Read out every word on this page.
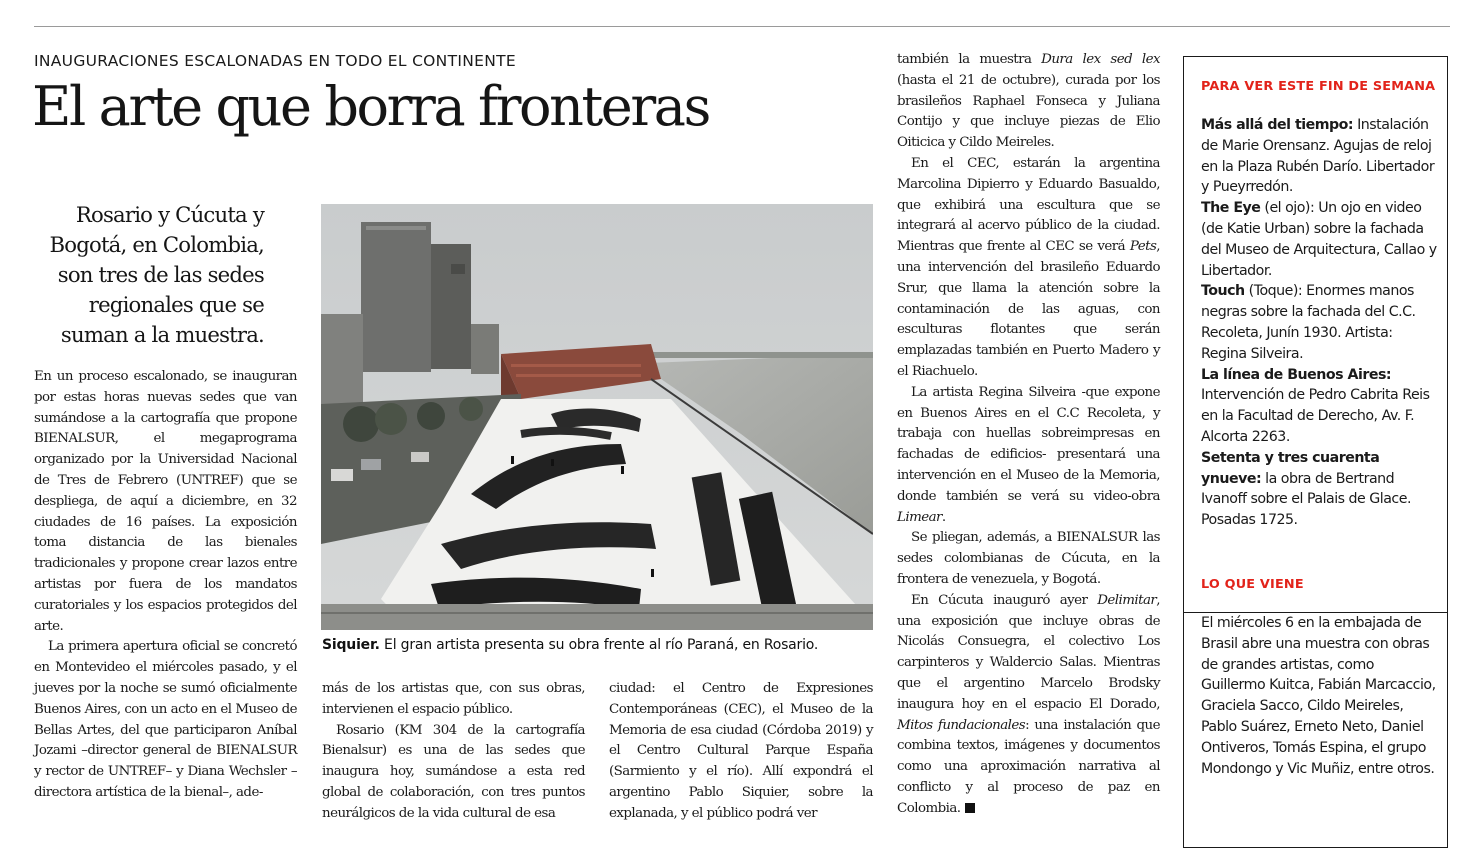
INAUGURACIONES ESCALONADAS EN TODO EL CONTINENTE
El arte que borra fronteras
Rosario y Cúcuta y Bogotá, en Colombia, son tres de las sedes regionales que se suman a la muestra.

En un proceso escalonado, se inauguran por estas horas nuevas sedes que van sumándose a la cartografía que propone BIENALSUR, el megaprograma organizado por la Universidad Nacional de Tres de Febrero (UNTREF) que se despliega, de aquí a diciembre, en 32 ciudades de 16 países. La exposición toma distancia de las bienales tradicionales y propone crear lazos entre artistas por fuera de los mandatos curatoriales y los espacios protegidos del arte.

La primera apertura oficial se concretó en Montevideo el miércoles pasado, y el jueves por la noche se sumó oficialmente Buenos Aires, con un acto en el Museo de Bellas Artes, del que participaron Aníbal Jozami –director general de BIENALSUR y rector de UNTREF– y Diana Wechsler –directora artística de la bienal–, ade-

Siquier. El gran artista presenta su obra frente al río Paraná, en Rosario.

más de los artistas que, con sus obras, intervienen el espacio público.

Rosario (KM 304 de la cartografía Bienalsur) es una de las sedes que inaugura hoy, sumándose a esta red global de colaboración, con tres puntos neurálgicos de la vida cultural de esa

ciudad: el Centro de Expresiones Contemporáneas (CEC), el Museo de la Memoria de esa ciudad (Córdoba 2019) y el Centro Cultural Parque España (Sarmiento y el río). Allí expondrá el argentino Pablo Siquier, sobre la explanada, y el público podrá ver

también la muestra Dura lex sed lex (hasta el 21 de octubre), curada por los brasileños Raphael Fonseca y Juliana Contijo y que incluye piezas de Elio Oiticica y Cildo Meireles.

En el CEC, estarán la argentina Marcolina Dipierro y Eduardo Basualdo, que exhibirá una escultura que se integrará al acervo público de la ciudad. Mientras que frente al CEC se verá Pets, una intervención del brasileño Eduardo Srur, que llama la atención sobre la contaminación de las aguas, con esculturas flotantes que serán emplazadas también en Puerto Madero y el Riachuelo.

La artista Regina Silveira -que expone en Buenos Aires en el C.C Recoleta, y trabaja con huellas sobreimpresas en fachadas de edificios- presentará una intervención en el Museo de la Memoria, donde también se verá su video-obra Limear.

Se pliegan, además, a BIENALSUR las sedes colombianas de Cúcuta, en la frontera de venezuela, y Bogotá.

En Cúcuta inauguró ayer Delimitar, una exposición que incluye obras de Nicolás Consuegra, el colectivo Los carpinteros y Waldercio Salas. Mientras que el argentino Marcelo Brodsky inaugura hoy en el espacio El Dorado, Mitos fundacionales: una instalación que combina textos, imágenes y documentos como una aproximación narrativa al conflicto y al proceso de paz en Colombia.

PARA VER ESTE FIN DE SEMANA

Más allá del tiempo: Instalación de Marie Orensanz. Agujas de reloj en la Plaza Rubén Darío. Libertador y Pueyrredón.

The Eye (el ojo): Un ojo en video (de Katie Urban) sobre la fachada del Museo de Arquitectura, Callao y Libertador.

Touch (Toque): Enormes manos negras sobre la fachada del C.C. Recoleta, Junín 1930. Artista: Regina Silveira.

La línea de Buenos Aires: Intervención de Pedro Cabrita Reis en la Facultad de Derecho, Av. F. Alcorta 2263.

Setenta y tres cuarenta ynueve: la obra de Bertrand Ivanoff sobre el Palais de Glace. Posadas 1725.

LO QUE VIENE
El miércoles 6 en la embajada de Brasil abre una muestra con obras de grandes artistas, como Guillermo Kuitca, Fabián Marcaccio, Graciela Sacco, Cildo Meireles, Pablo Suárez, Erneto Neto, Daniel Ontiveros, Tomás Espina, el grupo Mondongo y Vic Muñiz, entre otros.
